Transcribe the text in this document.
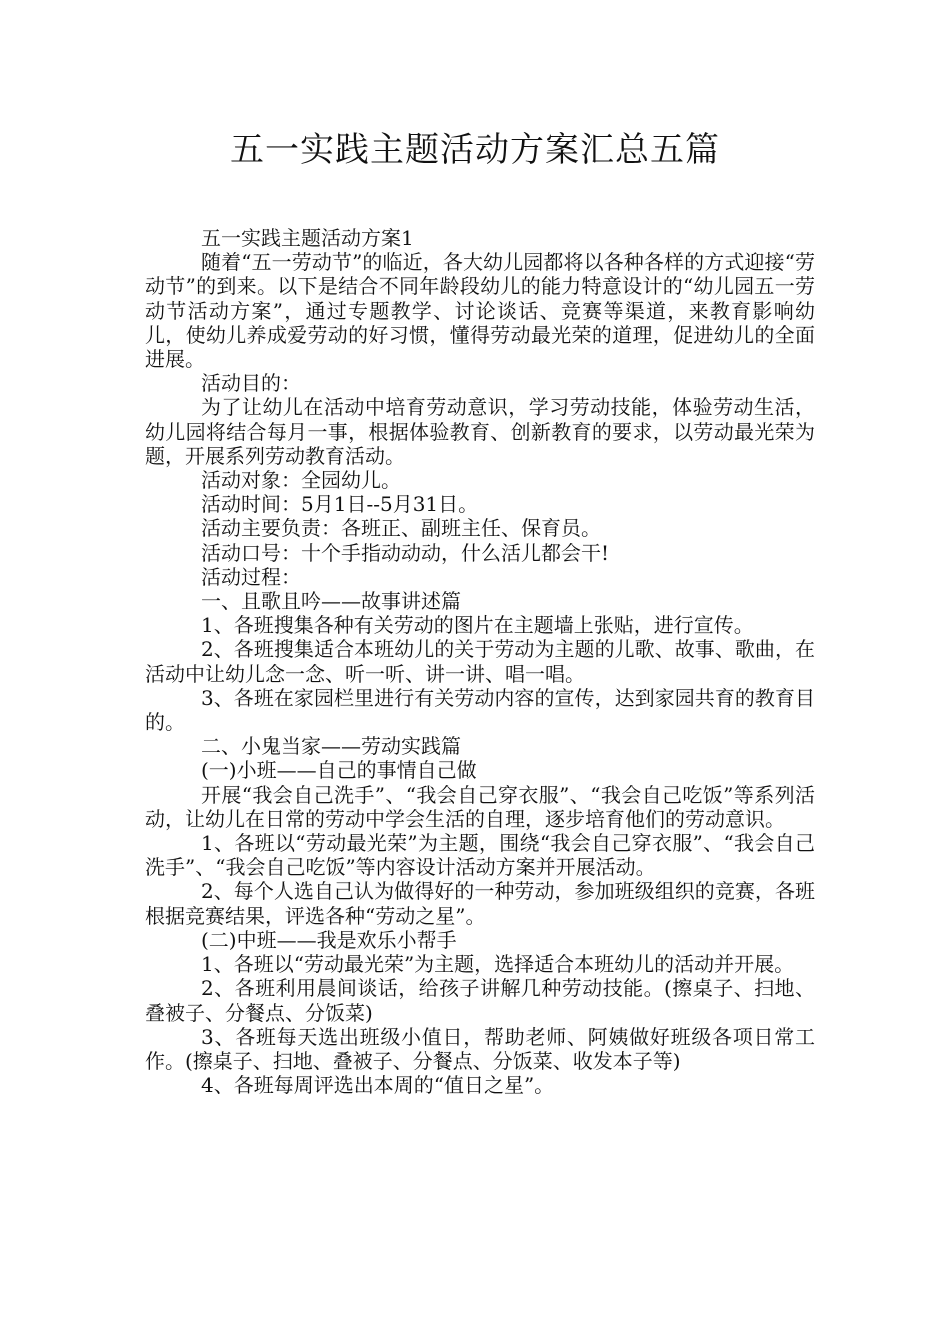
五一实践主题活动方案汇总五篇

五一实践主题活动方案1

随着“五一劳动节”的临近，各大幼儿园都将以各种各样的方式迎接“劳动节”的到来。以下是结合不同年龄段幼儿的能力特意设计的“幼儿园五一劳动节活动方案”，通过专题教学、讨论谈话、竞赛等渠道，来教育影响幼儿，使幼儿养成爱劳动的好习惯，懂得劳动最光荣的道理，促进幼儿的全面进展。

活动目的：

为了让幼儿在活动中培育劳动意识，学习劳动技能，体验劳动生活，幼儿园将结合每月一事，根据体验教育、创新教育的要求，以劳动最光荣为题，开展系列劳动教育活动。

活动对象：全园幼儿。

活动时间：5月1日--5月31日。

活动主要负责：各班正、副班主任、保育员。

活动口号：十个手指动动动，什么活儿都会干!

活动过程：

一、且歌且吟——故事讲述篇

1、各班搜集各种有关劳动的图片在主题墙上张贴，进行宣传。

2、各班搜集适合本班幼儿的关于劳动为主题的儿歌、故事、歌曲，在活动中让幼儿念一念、听一听、讲一讲、唱一唱。

3、各班在家园栏里进行有关劳动内容的宣传，达到家园共育的教育目的。

二、小鬼当家——劳动实践篇

(一)小班——自己的事情自己做

开展“我会自己洗手”、“我会自己穿衣服”、“我会自己吃饭”等系列活动，让幼儿在日常的劳动中学会生活的自理，逐步培育他们的劳动意识。

1、各班以“劳动最光荣”为主题，围绕“我会自己穿衣服”、“我会自己洗手”、“我会自己吃饭”等内容设计活动方案并开展活动。

2、每个人选自己认为做得好的一种劳动，参加班级组织的竞赛，各班根据竞赛结果，评选各种“劳动之星”。

(二)中班——我是欢乐小帮手

1、各班以“劳动最光荣”为主题，选择适合本班幼儿的活动并开展。

2、各班利用晨间谈话，给孩子讲解几种劳动技能。(擦桌子、扫地、叠被子、分餐点、分饭菜)

3、各班每天选出班级小值日，帮助老师、阿姨做好班级各项日常工作。(擦桌子、扫地、叠被子、分餐点、分饭菜、收发本子等)

4、各班每周评选出本周的“值日之星”。
